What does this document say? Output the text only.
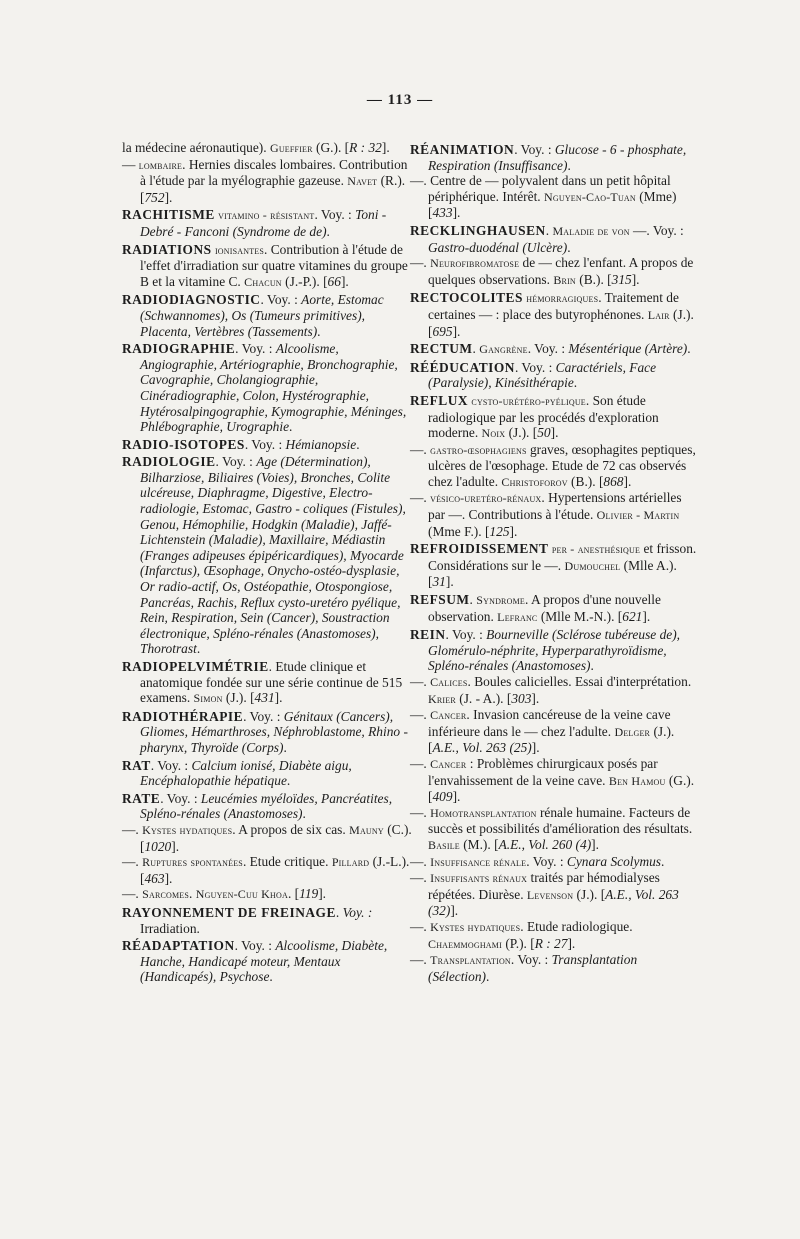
— 113 —

la médecine aéronautique). Gueffier (G.). [R : 32].

— lombaire. Hernies discales lombaires. Contribution à l'étude par la myélographie gazeuse. Navet (R.). [752].

RACHITISME vitamino - résistant. Voy. : Toni - Debré - Fanconi (Syndrome de de).

RADIATIONS ionisantes. Contribution à l'étude de l'effet d'irradiation sur quatre vitamines du groupe B et la vitamine C. Chacun (J.-P.). [66].

RADIODIAGNOSTIC. Voy. : Aorte, Estomac (Schwannomes), Os (Tumeurs primitives), Placenta, Vertèbres (Tassements).

RADIOGRAPHIE. Voy. : Alcoolisme, Angiographie, Artériographie, Bronchographie, Cavographie, Cholangiographie, Cinéradiographie, Colon, Hystérographie, Hytérosalpingographie, Kymographie, Méninges, Phlébographie, Urographie.

RADIO-ISOTOPES. Voy. : Hémianopsie.

RADIOLOGIE. Voy. : Age (Détermination), Bilharziose, Biliaires (Voies), Bronches, Colite ulcéreuse, Diaphragme, Digestive, Electro-radiologie, Estomac, Gastro - coliques (Fistules), Genou, Hémophilie, Hodgkin (Maladie), Jaffé-Lichtenstein (Maladie), Maxillaire, Médiastin (Franges adipeuses épipéricardiques), Myocarde (Infarctus), Œsophage, Onycho-ostéo-dysplasie, Or radio-actif, Os, Ostéopathie, Otospongiose, Pancréas, Rachis, Reflux cysto-uretéro pyélique, Rein, Respiration, Sein (Cancer), Soustraction électronique, Spléno-rénales (Anastomoses), Thorotrast.

RADIOPELVIMÉTRIE. Etude clinique et anatomique fondée sur une série continue de 515 examens. Simon (J.). [431].

RADIOTHÉRAPIE. Voy. : Génitaux (Cancers), Gliomes, Hémarthroses, Néphroblastome, Rhino - pharynx, Thyroïde (Corps).

RAT. Voy. : Calcium ionisé, Diabète aigu, Encéphalopathie hépatique.

RATE. Voy. : Leucémies myéloïdes, Pancréatites, Spléno-rénales (Anastomoses).

—. Kystes hydatiques. A propos de six cas. Mauny (C.). [1020].

—. Ruptures spontanées. Etude critique. Pillard (J.-L.). [463].

—. Sarcomes. Nguyen-Cuu Khoa. [119].

RAYONNEMENT DE FREINAGE. Voy. : Irradiation.

RÉADAPTATION. Voy. : Alcoolisme, Diabète, Hanche, Handicapé moteur, Mentaux (Handicapés), Psychose.

RÉANIMATION. Voy. : Glucose - 6 - phosphate, Respiration (Insuffisance).

—. Centre de — polyvalent dans un petit hôpital périphérique. Intérêt. Nguyen-Cao-Tuan (Mme) [433].

RECKLINGHAUSEN. Maladie de von —. Voy. : Gastro-duodénal (Ulcère).

—. Neurofibromatose de — chez l'enfant. A propos de quelques observations. Brin (B.). [315].

RECTOCOLITES hémorragiques. Traitement de certaines — : place des butyrophénones. Lair (J.). [695].

RECTUM. Gangrène. Voy. : Mésentérique (Artère).

RÉÉDUCATION. Voy. : Caractériels, Face (Paralysie), Kinésithérapie.

REFLUX cysto-urétéro-pyélique. Son étude radiologique par les procédés d'exploration moderne. Noix (J.). [50].

—. gastro-œsophagiens graves, œsophagites peptiques, ulcères de l'œsophage. Etude de 72 cas observés chez l'adulte. Christoforov (B.). [868].

—. vésico-uretéro-rénaux. Hypertensions artérielles par —. Contributions à l'étude. Olivier - Martin (Mme F.). [125].

REFROIDISSEMENT per - anesthésique et frisson. Considérations sur le —. Dumouchel (Mlle A.). [31].

REFSUM. Syndrome. A propos d'une nouvelle observation. Lefranc (Mlle M.-N.). [621].

REIN. Voy. : Bourneville (Sclérose tubéreuse de), Glomérulo-néphrite, Hyperparathyroïdisme, Spléno-rénales (Anastomoses).

—. Calices. Boules calicielles. Essai d'interprétation. Krier (J. - A.). [303].

—. Cancer. Invasion cancéreuse de la veine cave inférieure dans le — chez l'adulte. Delger (J.). [A.E., Vol. 263 (25)].

—. Cancer : Problèmes chirurgicaux posés par l'envahissement de la veine cave. Ben Hamou (G.). [409].

—. Homotransplantation rénale humaine. Facteurs de succès et possibilités d'amélioration des résultats. Basile (M.). [A.E., Vol. 260 (4)].

—. Insuffisance rénale. Voy. : Cynara Scolymus.

—. Insuffisants rénaux traités par hémodialyses répétées. Diurèse. Levenson (J.). [A.E., Vol. 263 (32)].

—. Kystes hydatiques. Etude radiologique. Chaemmoghami (P.). [R : 27].

—. Transplantation. Voy. : Transplantation (Sélection).
